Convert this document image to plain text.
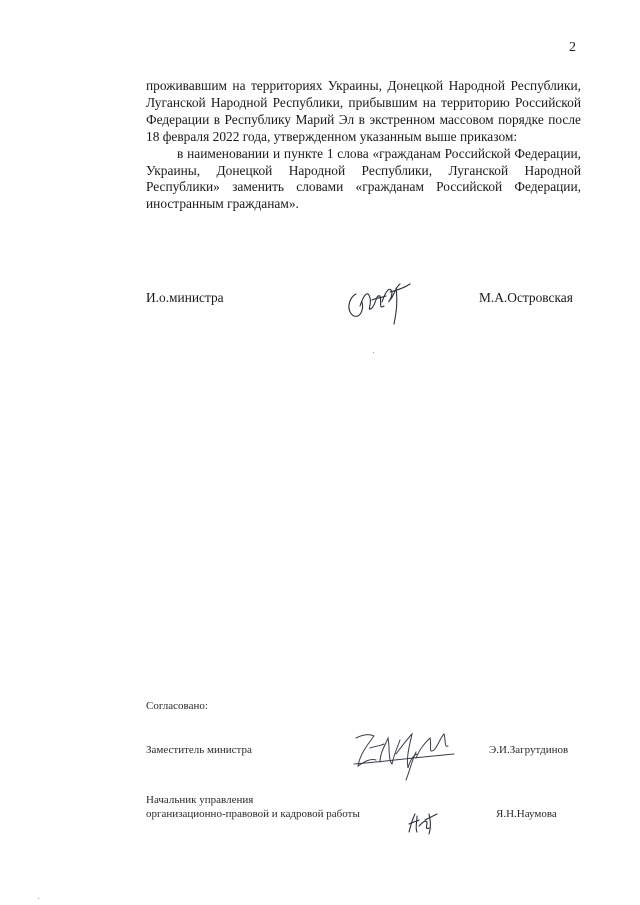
2

проживавшим на территориях Украины, Донецкой Народной Республики, Луганской Народной Республики, прибывшим на территорию Российской Федерации в Республику Марий Эл в экстренном массовом порядке после 18 февраля 2022 года, утвержденном указанным выше приказом:

в наименовании и пункте 1 слова «гражданам Российской Федерации, Украины, Донецкой Народной Республики, Луганской Народной Республики» заменить словами «гражданам Российской Федерации, иностранным гражданам».

И.о.министра	М.А.Островская
Согласовано:
Заместитель министра	Э.И.Загрутдинов
Начальник управления
организационно-правовой и кадровой работы	Я.Н.Наумова
